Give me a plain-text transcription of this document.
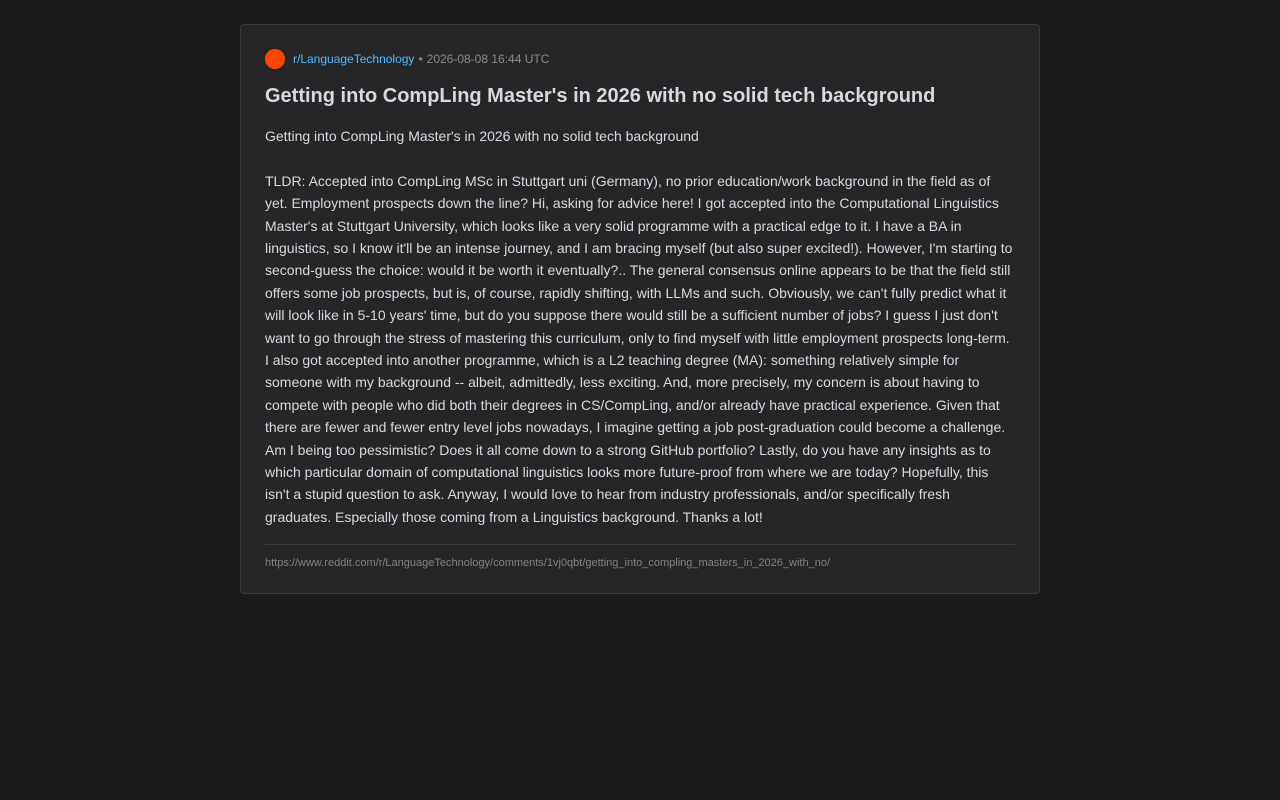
r/LanguageTechnology • 2026-08-08 16:44 UTC
Getting into CompLing Master's in 2026 with no solid tech background

Getting into CompLing Master's in 2026 with no solid tech background

TLDR: Accepted into CompLing MSc in Stuttgart uni (Germany), no prior education/work background in the field as of yet. Employment prospects down the line? Hi, asking for advice here! I got accepted into the Computational Linguistics Master's at Stuttgart University, which looks like a very solid programme with a practical edge to it. I have a BA in linguistics, so I know it'll be an intense journey, and I am bracing myself (but also super excited!). However, I'm starting to second-guess the choice: would it be worth it eventually?.. The general consensus online appears to be that the field still offers some job prospects, but is, of course, rapidly shifting, with LLMs and such. Obviously, we can't fully predict what it will look like in 5-10 years' time, but do you suppose there would still be a sufficient number of jobs? I guess I just don't want to go through the stress of mastering this curriculum, only to find myself with little employment prospects long-term. I also got accepted into another programme, which is a L2 teaching degree (MA): something relatively simple for someone with my background -- albeit, admittedly, less exciting. And, more precisely, my concern is about having to compete with people who did both their degrees in CS/CompLing, and/or already have practical experience. Given that there are fewer and fewer entry level jobs nowadays, I imagine getting a job post-graduation could become a challenge. Am I being too pessimistic? Does it all come down to a strong GitHub portfolio? Lastly, do you have any insights as to which particular domain of computational linguistics looks more future-proof from where we are today? Hopefully, this isn't a stupid question to ask. Anyway, I would love to hear from industry professionals, and/or specifically fresh graduates. Especially those coming from a Linguistics background. Thanks a lot!

https://www.reddit.com/r/LanguageTechnology/comments/1vj0qbt/getting_into_compling_masters_in_2026_with_no/
